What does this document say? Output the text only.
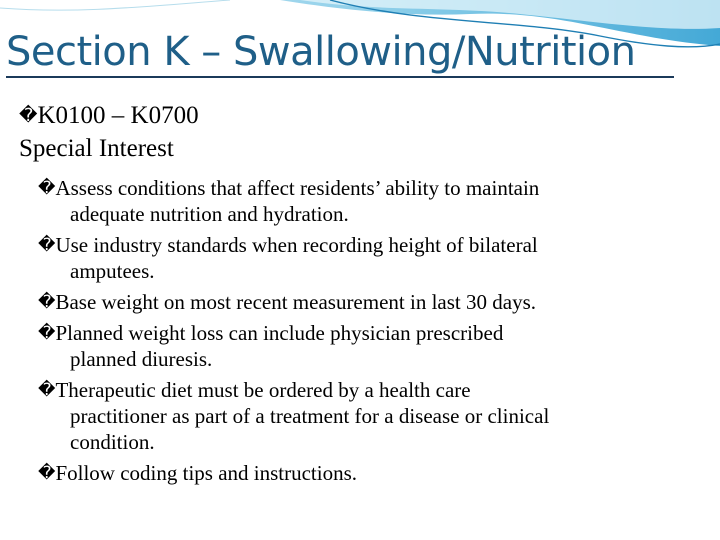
Section K – Swallowing/Nutrition
�K0100 – K0700
Special Interest
�Assess conditions that affect residents’ ability to maintain
adequate nutrition and hydration.
�Use industry standards when recording height of bilateral
amputees.
�Base weight on most recent measurement in last 30 days.
�Planned weight loss can include physician prescribed
planned diuresis.
�Therapeutic diet must be ordered by a health care
practitioner as part of a treatment for a disease or clinical
condition.
�Follow coding tips and instructions.
